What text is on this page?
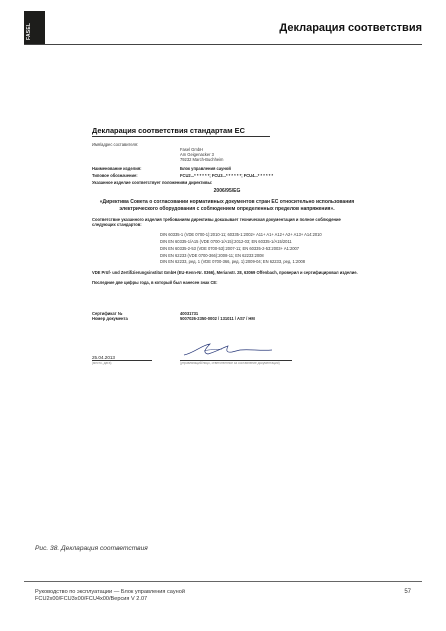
FASEL	Декларация соответствия
Декларация соответствия стандартам ЕС
Имя/адрес составителя:
Fasel GmbH
Am Geigenacker 3
79232 March-Buchheim
Наименование изделия:	Блок управления сауной
Типовое обозначение:	FCU2...* * * * * *; FCU3...* * * * * *; FCU4...* * * * * *
Указанное изделие соответствует положениям директивы:
2006/95/EG
«Директива Совета о согласовании нормативных документов стран ЕС относительно использования электрического оборудования с соблюдением определенных пределов напряжения».
Соответствие указанного изделия требованиям директивы доказывает техническая документация и полное соблюдение следующих стандартов:
DIN 60335-1 (VDE 0700-1):2010-11; 60335-1:2002+ A11+ A1+ A12+ A2+ A13+ A14:2010
DIN EN 60335-1/A15 (VDE 0700-1/A15):2012-03; EN 60335-1/A15/2011
DIN EN 60335-2-53 (VDE 0700-53):2007-11; EN 60335-2-53:2003+ A1:2007
DIN EN 62233 (VDE 0700-366):2008-11; EN 62233:2008
DIN EN 62233, ред. 1 (VDE 0700-366, ред. 1):2009-04; EN 62233, ред. 1:2008
VDE Prüf- und Zertifizierungsinstitut GmbH (EU-Kenn-Nr. 0366), Merianstr. 28, 63069 Offenbach, проверил и сертифицировал изделие.
Последние две цифры года, в который был нанесен знак CE:
Сертификат №	40031731
Номер документа	5007026-2350-0002 / 131011 / AS7 / HM
25.04.2013
(место, дата)	(управляющий/лицо, ответственное за составление документации)
Рис. 38. Декларация соответствия
Руководство по эксплуатации — Блок управления сауной
FCU2x00/FCU3x00/FCU4x00/Версия V 2.07
57
